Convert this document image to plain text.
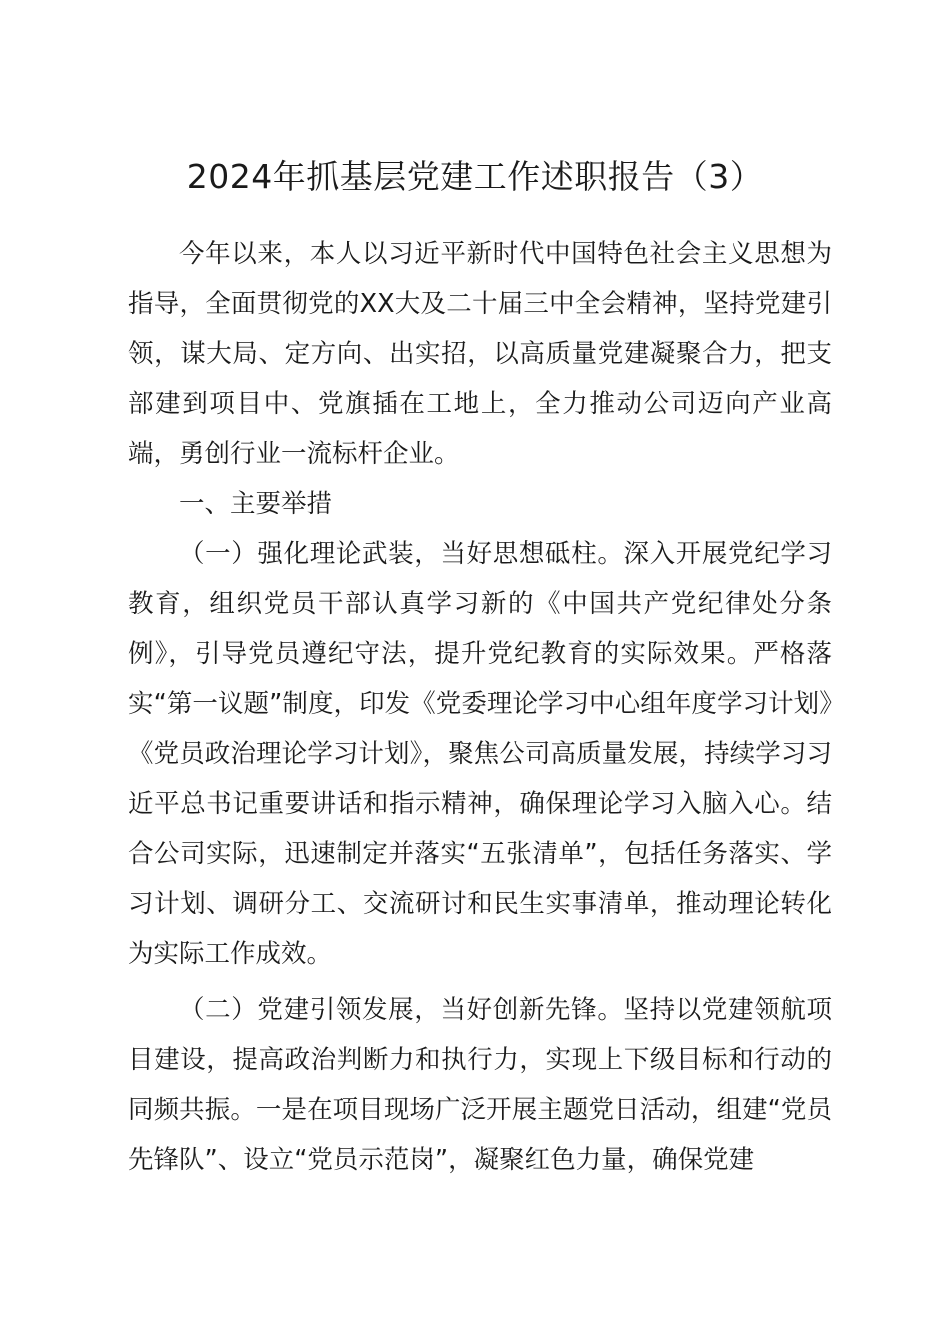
2024年抓基层党建工作述职报告（3）

今年以来，本人以习近平新时代中国特色社会主义思想为指导，全面贯彻党的XX大及二十届三中全会精神，坚持党建引领，谋大局、定方向、出实招，以高质量党建凝聚合力，把支部建到项目中、党旗插在工地上，全力推动公司迈向产业高端，勇创行业一流标杆企业。

一、主要举措

（一）强化理论武装，当好思想砥柱。深入开展党纪学习教育，组织党员干部认真学习新的《中国共产党纪律处分条例》，引导党员遵纪守法，提升党纪教育的实际效果。严格落实“第一议题”制度，印发《党委理论学习中心组年度学习计划》《党员政治理论学习计划》，聚焦公司高质量发展，持续学习习近平总书记重要讲话和指示精神，确保理论学习入脑入心。结合公司实际，迅速制定并落实“五张清单”，包括任务落实、学习计划、调研分工、交流研讨和民生实事清单，推动理论转化为实际工作成效。

（二）党建引领发展，当好创新先锋。坚持以党建领航项目建设，提高政治判断力和执行力，实现上下级目标和行动的同频共振。一是在项目现场广泛开展主题党日活动，组建“党员先锋队”、设立“党员示范岗”，凝聚红色力量，确保党建
